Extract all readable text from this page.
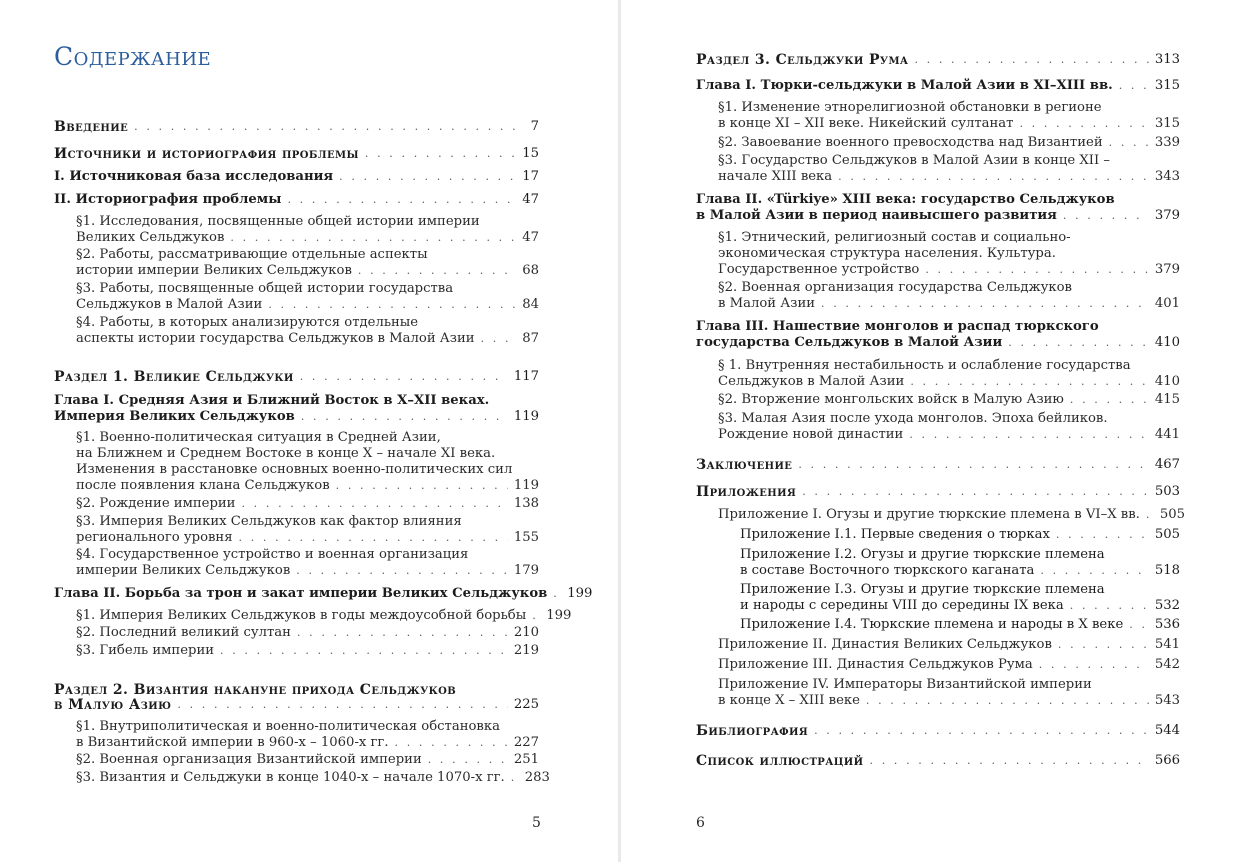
Содержание
Введение . . .	7
Источники и историография проблемы . . .	15
I. Источниковая база исследования . . .	17
II. Историография проблемы . . .	47
§1. Исследования, посвященные общей истории империи
Великих Сельджуков . . .	47
§2. Работы, рассматривающие отдельные аспекты
истории империи Великих Сельджуков . . .	68
§3. Работы, посвященные общей истории государства
Сельджуков в Малой Азии . . .	84
§4. Работы, в которых анализируются отдельные
аспекты истории государства Сельджуков в Малой Азии . . .	87
Раздел 1. Великие Сельджуки . . .	117
Глава I. Средняя Азия и Ближний Восток в X–XII веках.
Империя Великих Сельджуков . . .	119
§1. Военно-политическая ситуация в Средней Азии,
на Ближнем и Среднем Востоке в конце X – начале XI века.
Изменения в расстановке основных военно-политических сил
после появления клана Сельджуков . . .	119
§2. Рождение империи . . .	138
§3. Империя Великих Сельджуков как фактор влияния
регионального уровня . . .	155
§4. Государственное устройство и военная организация
империи Великих Сельджуков . . .	179
Глава II. Борьба за трон и закат империи Великих Сельджуков . . . 199
§1. Империя Великих Сельджуков в годы междоусобной борьбы . . . 199
§2. Последний великий султан . . .	210
§3. Гибель империи . . .	219
Раздел 2. Византия накануне прихода Сельджуков
в Малую Азию . . .	225
§1. Внутриполитическая и военно-политическая обстановка
в Византийской империи в 960-х – 1060-х гг. . . .	227
§2. Военная организация Византийской империи . . .	251
§3. Византия и Сельджуки в конце 1040-х – начале 1070-х гг. . . . 283
5
Раздел 3. Сельджуки Рума . . .	313
Глава I. Тюрки-сельджуки в Малой Азии в XI–XIII вв. . . .	315
§1. Изменение этнорелигиозной обстановки в регионе
в конце XI – XII веке. Никейский султанат . . .	315
§2. Завоевание военного превосходства над Византией . . .	339
§3. Государство Сельджуков в Малой Азии в конце XII –
начале XIII века . . .	343
Глава II. «Türkiye» XIII века: государство Сельджуков
в Малой Азии в период наивысшего развития . . .	379
§1. Этнический, религиозный состав и социально-
экономическая структура населения. Культура.
Государственное устройство . . .	379
§2. Военная организация государства Сельджуков
в Малой Азии . . .	401
Глава III. Нашествие монголов и распад тюркского
государства Сельджуков в Малой Азии . . .	410
§ 1. Внутренняя нестабильность и ослабление государства
Сельджуков в Малой Азии . . .	410
§2. Вторжение монгольских войск в Малую Азию . . .	415
§3. Малая Азия после ухода монголов. Эпоха бейликов.
Рождение новой династии . . .	441
Заключение . . .	467
Приложения . . .	503
Приложение I. Огузы и другие тюркские племена в VI–X вв. . . . 505
Приложение I.1. Первые сведения о тюрках . . .	505
Приложение I.2. Огузы и другие тюркские племена
в составе Восточного тюркского каганата . . .	518
Приложение I.3. Огузы и другие тюркские племена
и народы с середины VIII до середины IX века . . .	532
Приложение I.4. Тюркские племена и народы в X веке . . . 536
Приложение II. Династия Великих Сельджуков . . .	541
Приложение III. Династия Сельджуков Рума . . .	542
Приложение IV. Императоры Византийской империи
в конце X – XIII веке . . .	543
Библиография . . .	544
Список иллюстраций . . .	566
6
